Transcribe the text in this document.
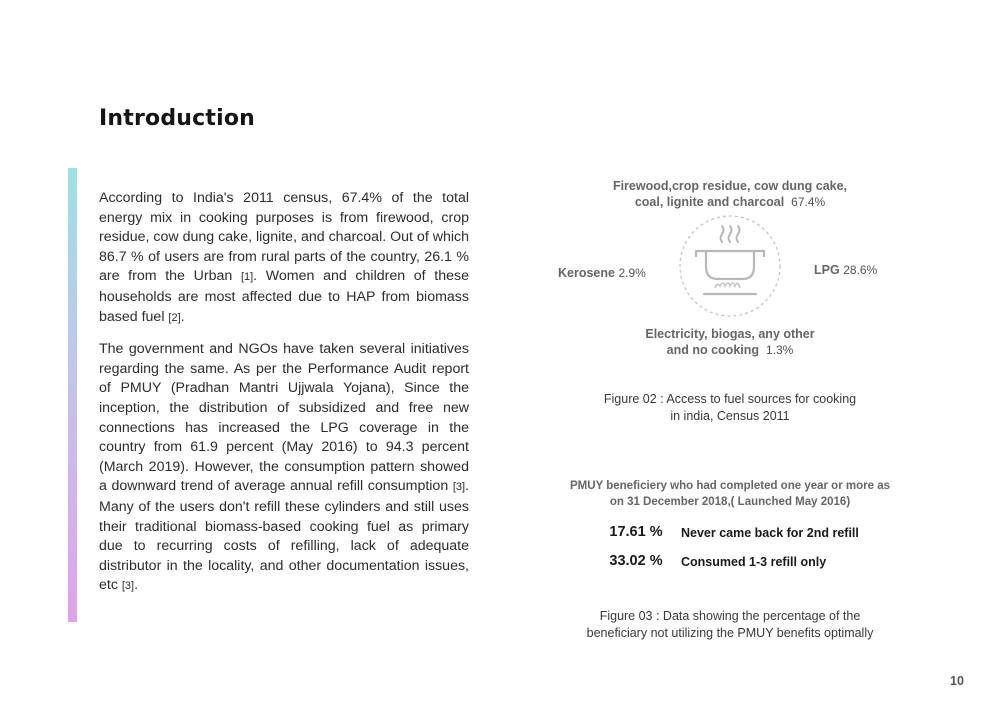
Introduction

According to India's 2011 census, 67.4% of the total energy mix in cooking purposes is from firewood, crop residue, cow dung cake, lignite, and charcoal. Out of which 86.7 % of users are from rural parts of the country, 26.1 % are from the Urban [1]. Women and children of these households are most affected due to HAP from biomass based fuel [2].

The government and NGOs have taken several initiatives regarding the same. As per the Performance Audit report of PMUY (Pradhan Mantri Ujjwala Yojana), Since the inception, the distribution of subsidized and free new connections has increased the LPG coverage in the country from 61.9 percent (May 2016) to 94.3 percent (March 2019). However, the consumption pattern showed a downward trend of average annual refill consumption [3]. Many of the users don't refill these cylinders and still uses their traditional biomass-based cooking fuel as primary due to recurring costs of refilling, lack of adequate distributor in the locality, and other documentation issues, etc [3].

Firewood,crop residue, cow dung cake,
coal, lignite and charcoal 67.4%
Kerosene 2.9%	LPG 28.6%
Electricity, biogas, any other
and no cooking 1.3%
Figure 02 : Access to fuel sources for cooking
in india, Census 2011
PMUY beneficiery who had completed one year or more as
on 31 December 2018,( Launched May 2016)
17.61 % Never came back for 2nd refill
33.02 % Consumed 1-3 refill only
Figure 03 : Data showing the percentage of the
beneficiary not utilizing the PMUY benefits optimally
10
